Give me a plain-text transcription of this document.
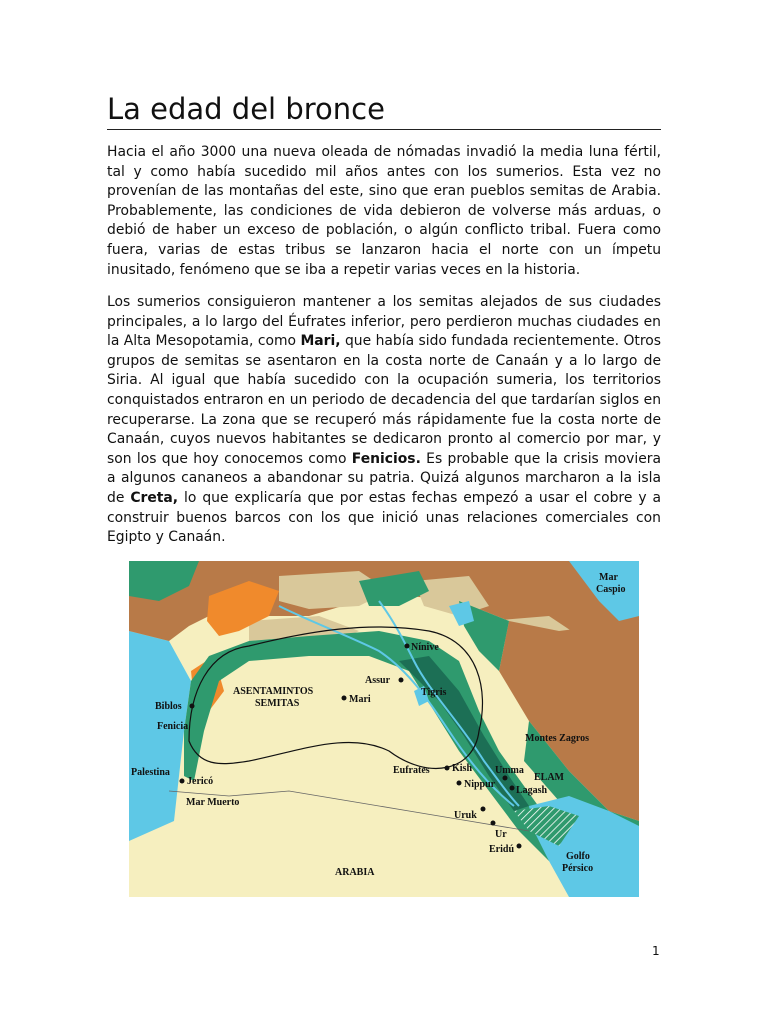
La edad del bronce

Hacia el año 3000 una nueva oleada de nómadas invadió la media luna fértil, tal y como había sucedido mil años antes con los sumerios. Esta vez no provenían de las montañas del este, sino que eran pueblos semitas de Arabia. Probablemente, las condiciones de vida debieron de volverse más arduas, o debió de haber un exceso de población, o algún conflicto tribal. Fuera como fuera, varias de estas tribus se lanzaron hacia el norte con un ímpetu inusitado, fenómeno que se iba a repetir varias veces en la historia.

Los sumerios consiguieron mantener a los semitas alejados de sus ciudades principales, a lo largo del Éufrates inferior, pero perdieron muchas ciudades en la Alta Mesopotamia, como Mari, que había sido fundada recientemente. Otros grupos de semitas se asentaron en la costa norte de Canaán y a lo largo de Siria. Al igual que había sucedido con la ocupación sumeria, los territorios conquistados entraron en un periodo de decadencia del que tardarían siglos en recuperarse. La zona que se recuperó más rápidamente fue la costa norte de Canaán, cuyos nuevos habitantes se dedicaron pronto al comercio por mar, y son los que hoy conocemos como Fenicios. Es probable que la crisis moviera a algunos cananeos a abandonar su patria. Quizá algunos marcharon a la isla de Creta, lo que explicaría que por estas fechas empezó a usar el cobre y a construir buenos barcos con los que inició unas relaciones comerciales con Egipto y Canaán.

Mar
Caspio
Nínive
Assur
Tigris
ASENTAMINTOS
SEMITAS	Mari
Biblos
Fenicia
Montes Zagros
Palestina
Jericó
Eufrates Kish Umma
ELAM
Nippur
Lagash
Mar Muerto
Uruk
Ur
Eridú
Golfo
Pérsico
ARABIA
1
